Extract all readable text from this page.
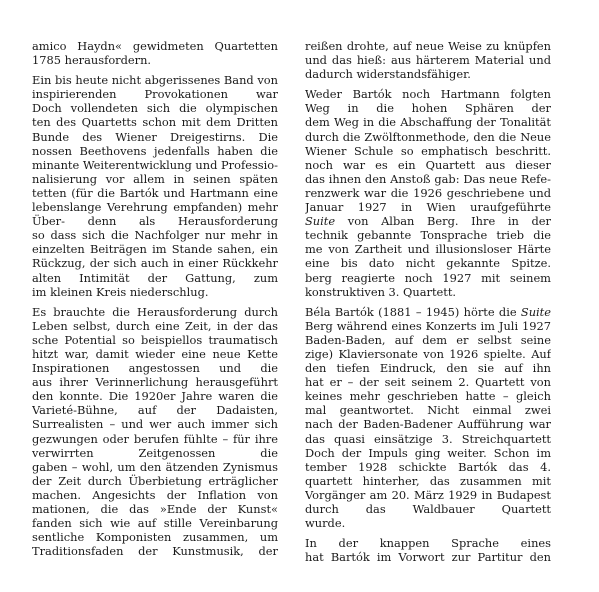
amico Haydn« gewidmeten Quartetten
1785 herausfordern.

Ein bis heute nicht abgerissenes Band von
inspirierenden Provokationen war
Doch vollendeten sich die olympischen
ten des Quartetts schon mit dem Dritten
Bunde des Wiener Dreigestirns. Die
nossen Beethovens jedenfalls haben die
minante Weiterentwicklung und Professio-
nalisierung vor allem in seinen späten
tetten (für die Bartók und Hartmann eine
lebenslange Verehrung empfanden) mehr
Über- denn als Herausforderung
so dass sich die Nachfolger nur mehr in
einzelten Beiträgen im Stande sahen, ein
Rückzug, der sich auch in einer Rückkehr
alten Intimität der Gattung, zum
im kleinen Kreis niederschlug.

Es brauchte die Herausforderung durch
Leben selbst, durch eine Zeit, in der das
sche Potential so beispiellos traumatisch
hitzt war, damit wieder eine neue Kette
Inspirationen angestossen und die
aus ihrer Verinnerlichung herausgeführt
den konnte. Die 1920er Jahre waren die
Varieté-Bühne, auf der Dadaisten,
Surrealisten – und wer auch immer sich
gezwungen oder berufen fühlte – für ihre
verwirrten Zeitgenossen die
gaben – wohl, um den ätzenden Zynismus
der Zeit durch Überbietung erträglicher
machen. Angesichts der Inflation von
mationen, die das »Ende der Kunst«
fanden sich wie auf stille Vereinbarung
sentliche Komponisten zusammen, um
Traditionsfaden der Kunstmusik, der

reißen drohte, auf neue Weise zu knüpfen
und das hieß: aus härterem Material und
dadurch widerstandsfähiger.

Weder Bartók noch Hartmann folgten
Weg in die hohen Sphären der
dem Weg in die Abschaffung der Tonalität
durch die Zwölftonmethode, den die Neue
Wiener Schule so emphatisch beschritt.
noch war es ein Quartett aus dieser
das ihnen den Anstoß gab: Das neue Refe-
renzwerk war die 1926 geschriebene und
Januar 1927 in Wien uraufgeführte
Suite von Alban Berg. Ihre in der
technik gebannte Tonsprache trieb die
me von Zartheit und illusionsloser Härte
eine bis dato nicht gekannte Spitze.
berg reagierte noch 1927 mit seinem
konstruktiven 3. Quartett.

Béla Bartók (1881 – 1945) hörte die Suite
Berg während eines Konzerts im Juli 1927
Baden-Baden, auf dem er selbst seine
zige) Klaviersonate von 1926 spielte. Auf
den tiefen Eindruck, den sie auf ihn
hat er – der seit seinem 2. Quartett von
keines mehr geschrieben hatte – gleich
mal geantwortet. Nicht einmal zwei
nach der Baden-Badener Aufführung war
das quasi einsätzige 3. Streichquartett
Doch der Impuls ging weiter. Schon im
tember 1928 schickte Bartók das 4.
quartett hinterher, das zusammen mit
Vorgänger am 20. März 1929 in Budapest
durch das Waldbauer Quartett
wurde.

In der knappen Sprache eines
hat Bartók im Vorwort zur Partitur den
